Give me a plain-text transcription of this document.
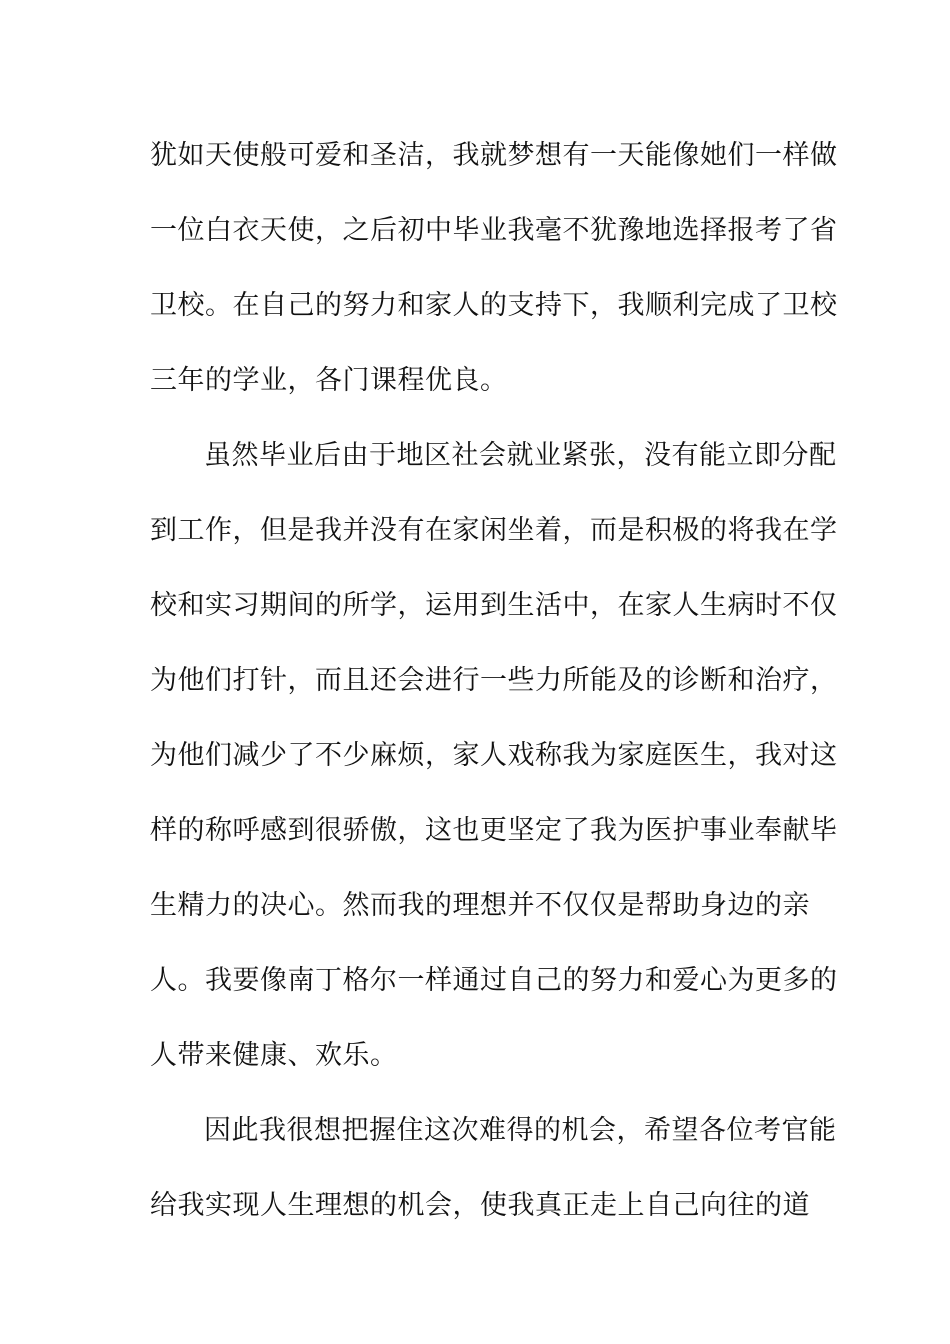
犹如天使般可爱和圣洁，我就梦想有一天能像她们一样做
一位白衣天使，之后初中毕业我毫不犹豫地选择报考了省
卫校。在自己的努力和家人的支持下，我顺利完成了卫校
三年的学业，各门课程优良。
虽然毕业后由于地区社会就业紧张，没有能立即分配
到工作，但是我并没有在家闲坐着，而是积极的将我在学
校和实习期间的所学，运用到生活中，在家人生病时不仅
为他们打针，而且还会进行一些力所能及的诊断和治疗，
为他们减少了不少麻烦，家人戏称我为家庭医生，我对这
样的称呼感到很骄傲，这也更坚定了我为医护事业奉献毕
生精力的决心。然而我的理想并不仅仅是帮助身边的亲
人。我要像南丁格尔一样通过自己的努力和爱心为更多的
人带来健康、欢乐。
因此我很想把握住这次难得的机会，希望各位考官能
给我实现人生理想的机会，使我真正走上自己向往的道
